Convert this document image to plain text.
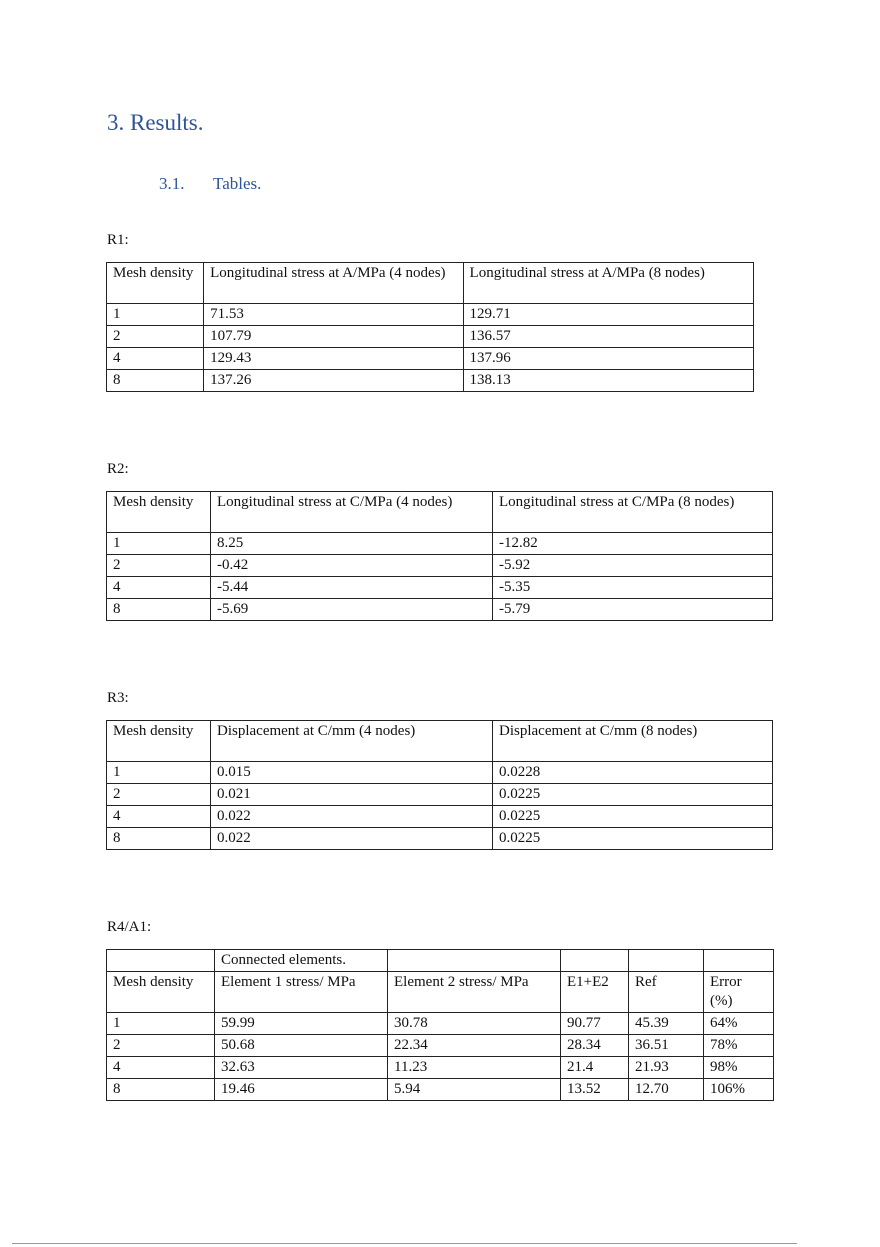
3. Results.
3.1. Tables.
R1:
Mesh density	Longitudinal stress at A/MPa (4 nodes)	Longitudinal stress at A/MPa (8 nodes)
1	71.53	129.71
2	107.79	136.57
4	129.43	137.96
8	137.26	138.13
R2:
Mesh density	Longitudinal stress at C/MPa (4 nodes)	Longitudinal stress at C/MPa (8 nodes)
1	8.25	-12.82
2	-0.42	-5.92
4	-5.44	-5.35
8	-5.69	-5.79
R3:
Mesh density	Displacement at C/mm (4 nodes)	Displacement at C/mm (8 nodes)
1	0.015	0.0228
2	0.021	0.0225
4	0.022	0.0225
8	0.022	0.0225
R4/A1:
	Connected elements.				
Mesh density	Element 1 stress/ MPa	Element 2 stress/ MPa	E1+E2	Ref	Error (%)
1	59.99	30.78	90.77	45.39	64%
2	50.68	22.34	28.34	36.51	78%
4	32.63	11.23	21.4	21.93	98%
8	19.46	5.94	13.52	12.70	106%
